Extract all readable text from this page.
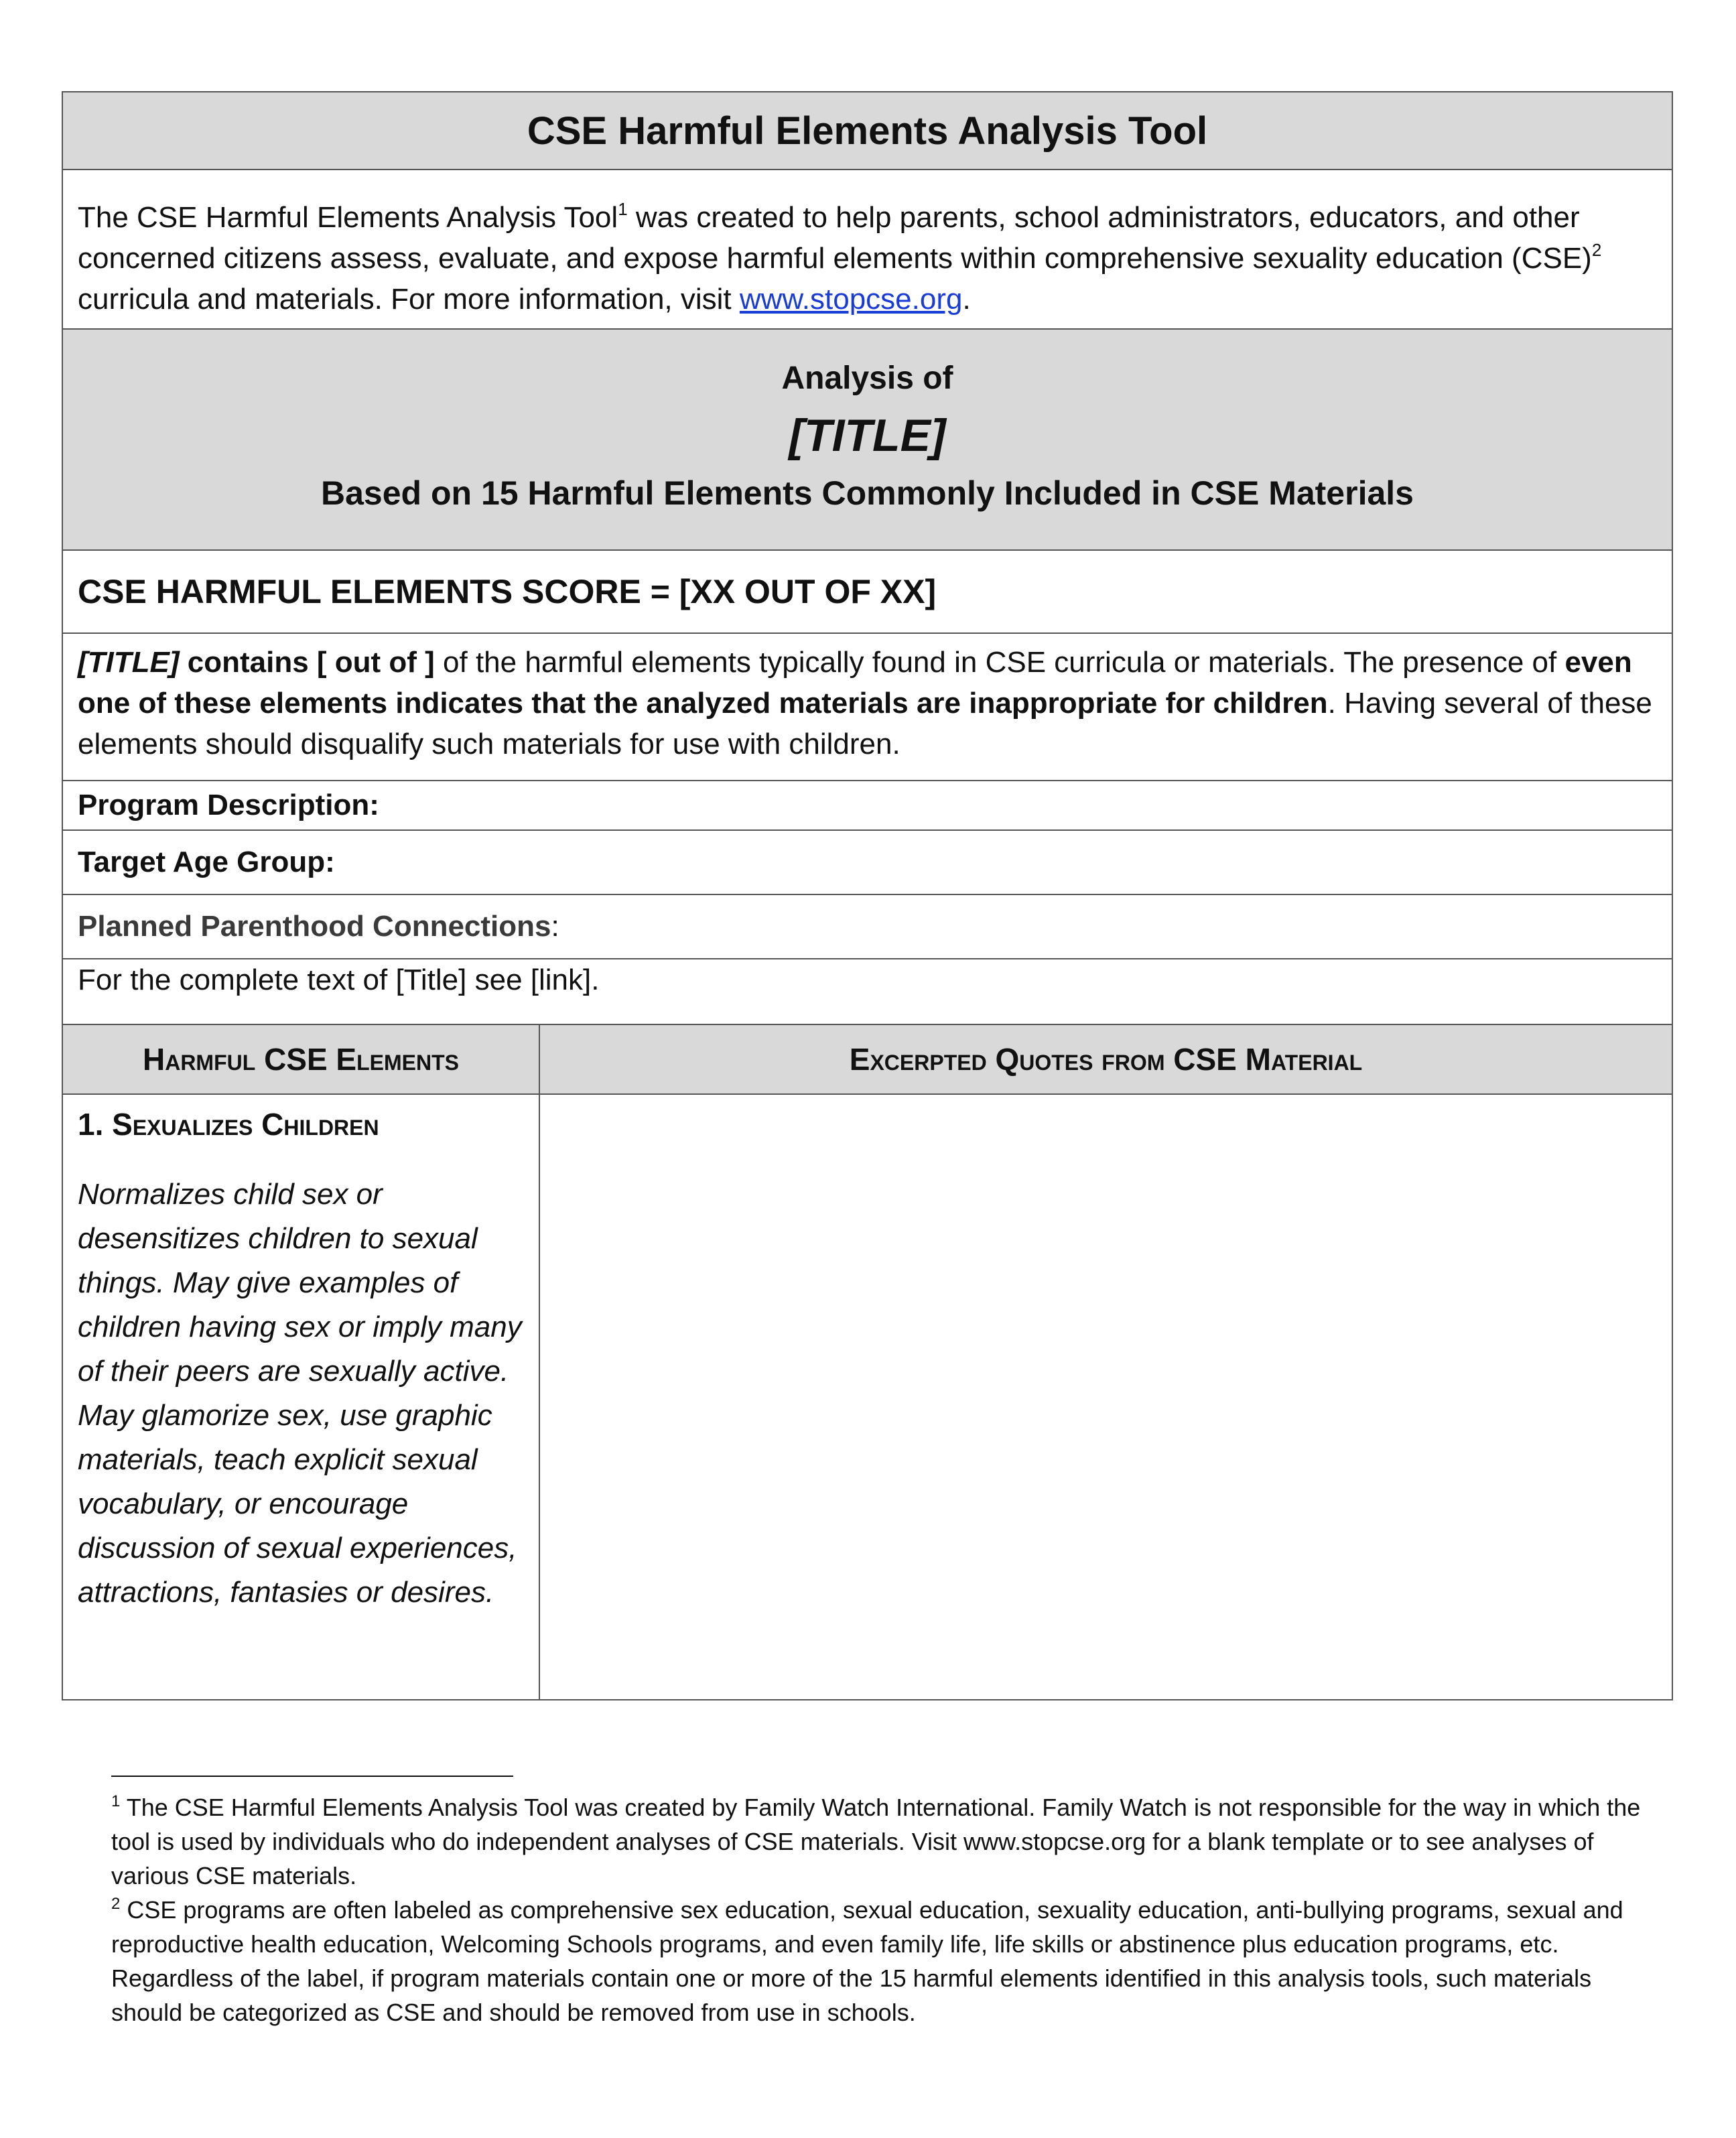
CSE Harmful Elements Analysis Tool
The CSE Harmful Elements Analysis Tool$^1$ was created to help parents, school administrators, educators, and other concerned citizens assess, evaluate, and expose harmful elements within comprehensive sexuality education (CSE)$^2$ curricula and materials. For more information, visit www.stopcse.org.
Analysis of
[TITLE]
Based on 15 Harmful Elements Commonly Included in CSE Materials
CSE HARMFUL ELEMENTS SCORE = [XX OUT OF XX]
[TITLE] contains [ out of ] of the harmful elements typically found in CSE curricula or materials. The presence of even one of these elements indicates that the analyzed materials are inappropriate for children. Having several of these elements should disqualify such materials for use with children.
Program Description:
Target Age Group:
Planned Parenthood Connections :
For the complete text of [Title] see [link].
Harmful CSE Elements	Excerpted Quotes from CSE Material
1. Sexualizes Children
Normalizes child sex or desensitizes children to sexual things. May give examples of children having sex or imply many of their peers are sexually active. May glamorize sex, use graphic materials, teach explicit sexual vocabulary, or encourage discussion of sexual experiences, attractions, fantasies or desires.

$^1$ The CSE Harmful Elements Analysis Tool was created by Family Watch International. Family Watch is not responsible for the way in which the tool is used by individuals who do independent analyses of CSE materials. Visit www.stopcse.org for a blank template or to see analyses of various CSE materials.

$^2$ CSE programs are often labeled as comprehensive sex education, sexual education, sexuality education, anti-bullying programs, sexual and reproductive health education, Welcoming Schools programs, and even family life, life skills or abstinence plus education programs, etc. Regardless of the label, if program materials contain one or more of the 15 harmful elements identified in this analysis tools, such materials should be categorized as CSE and should be removed from use in schools.
